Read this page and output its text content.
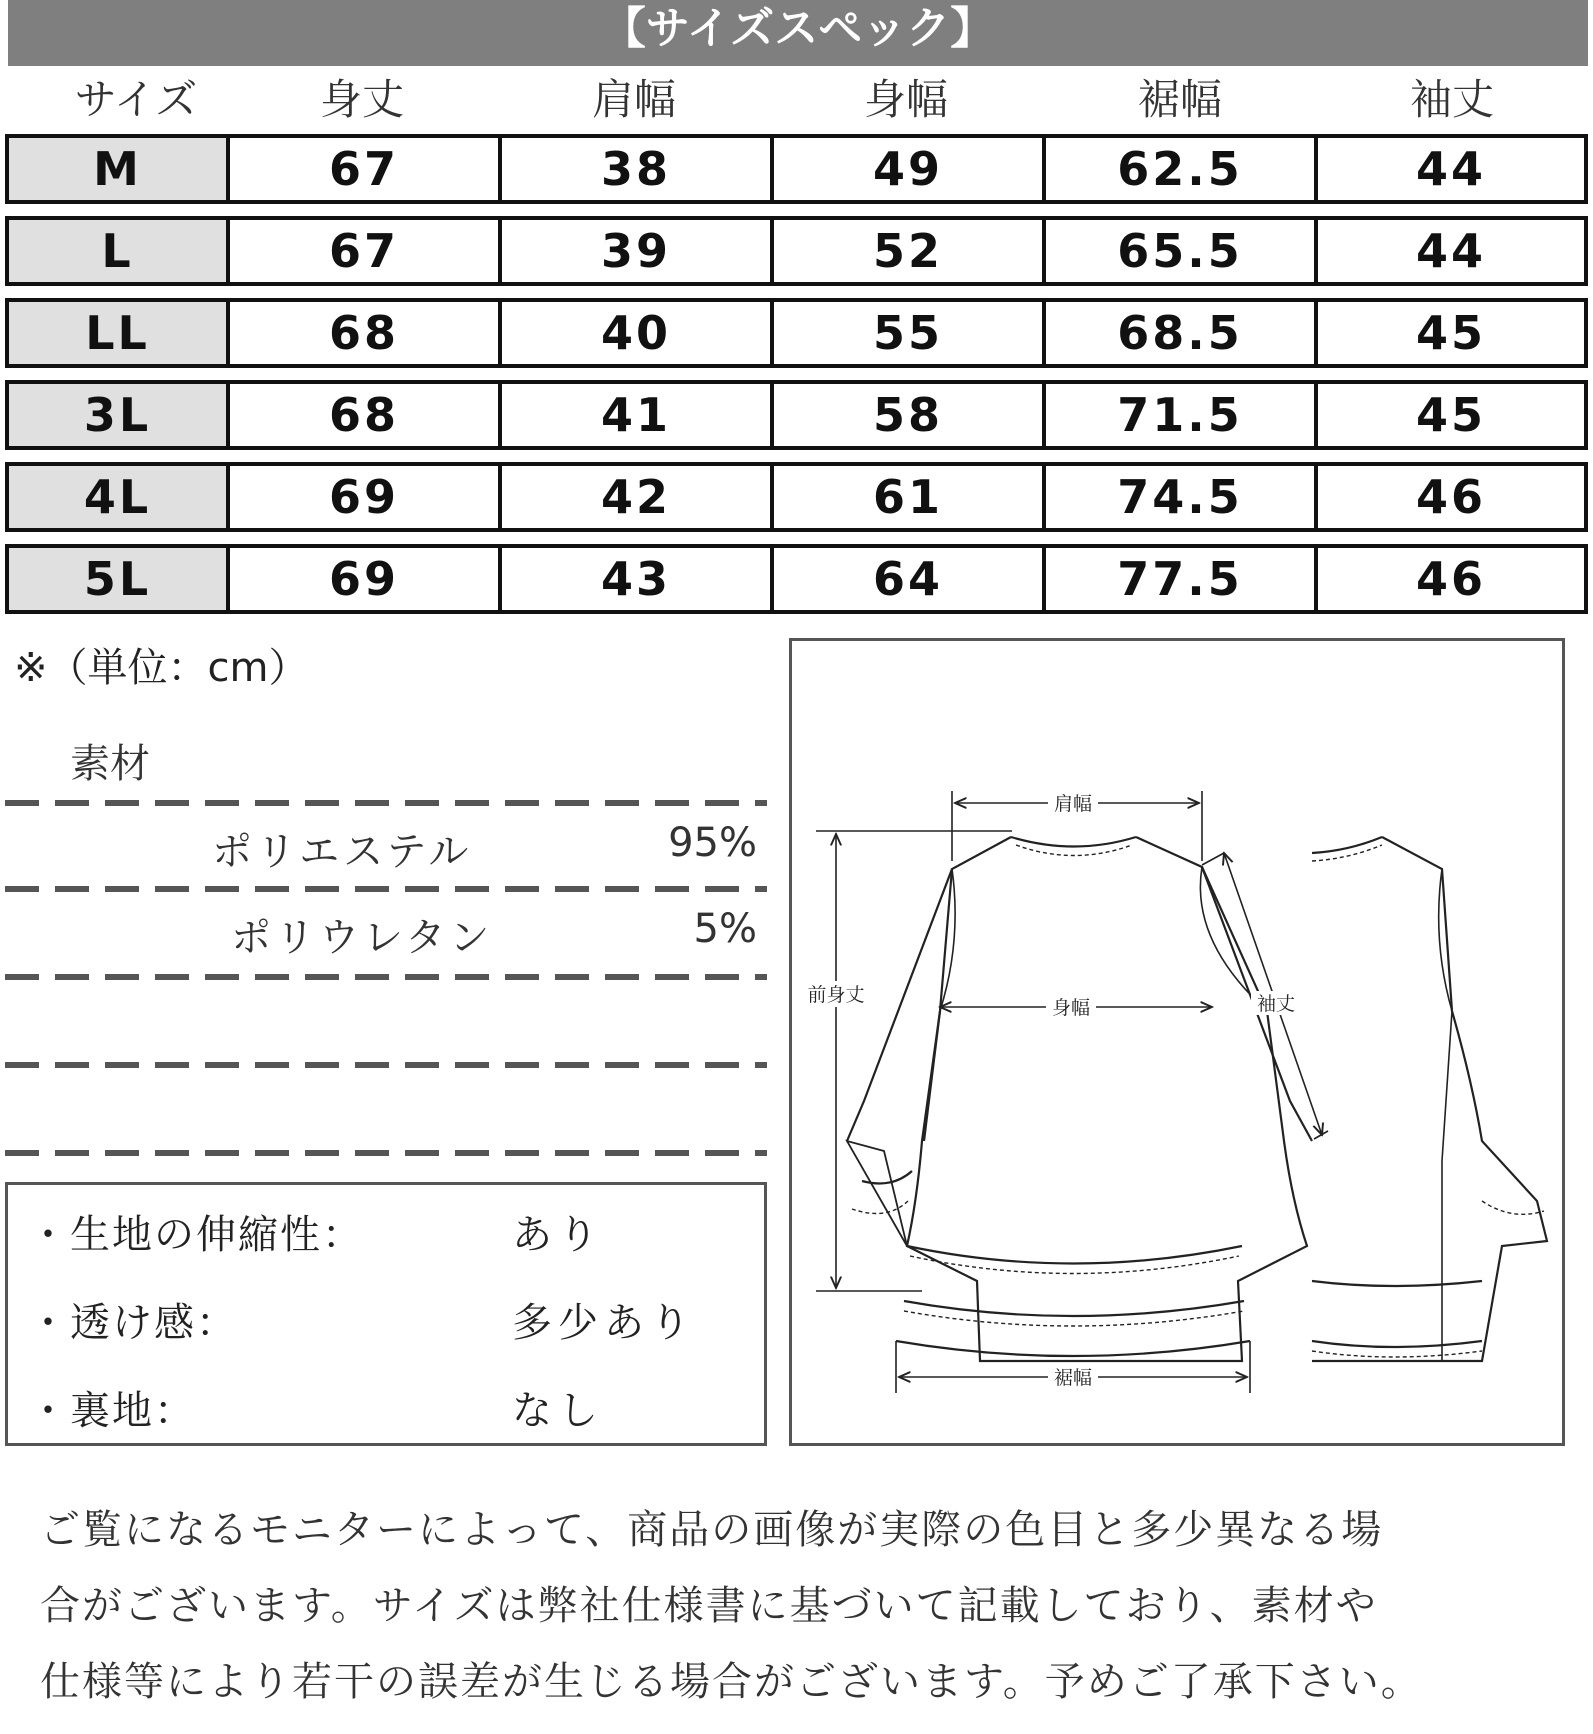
【サイズスペック】
サイズ	身丈	肩幅	身幅	裾幅	袖丈
M	67	38	49	62.5	44
L	67	39	52	65.5	44
LL	68	40	55	68.5	45
3L	68	41	58	71.5	45
4L	69	42	61	74.5	46
5L	69	43	64	77.5	46
※（単位：cm）
素材
ポリエステル	95%
ポリウレタン	5%
・生地の伸縮性：	あり
・透け感：	多少あり
・裏地：	なし
肩幅
前身丈
身幅	袖丈
裾幅
ご覧になるモニターによって、商品の画像が実際の色目と多少異なる場
合がございます。サイズは弊社仕様書に基づいて記載しており、素材や
仕様等により若干の誤差が生じる場合がございます。予めご了承下さい。
